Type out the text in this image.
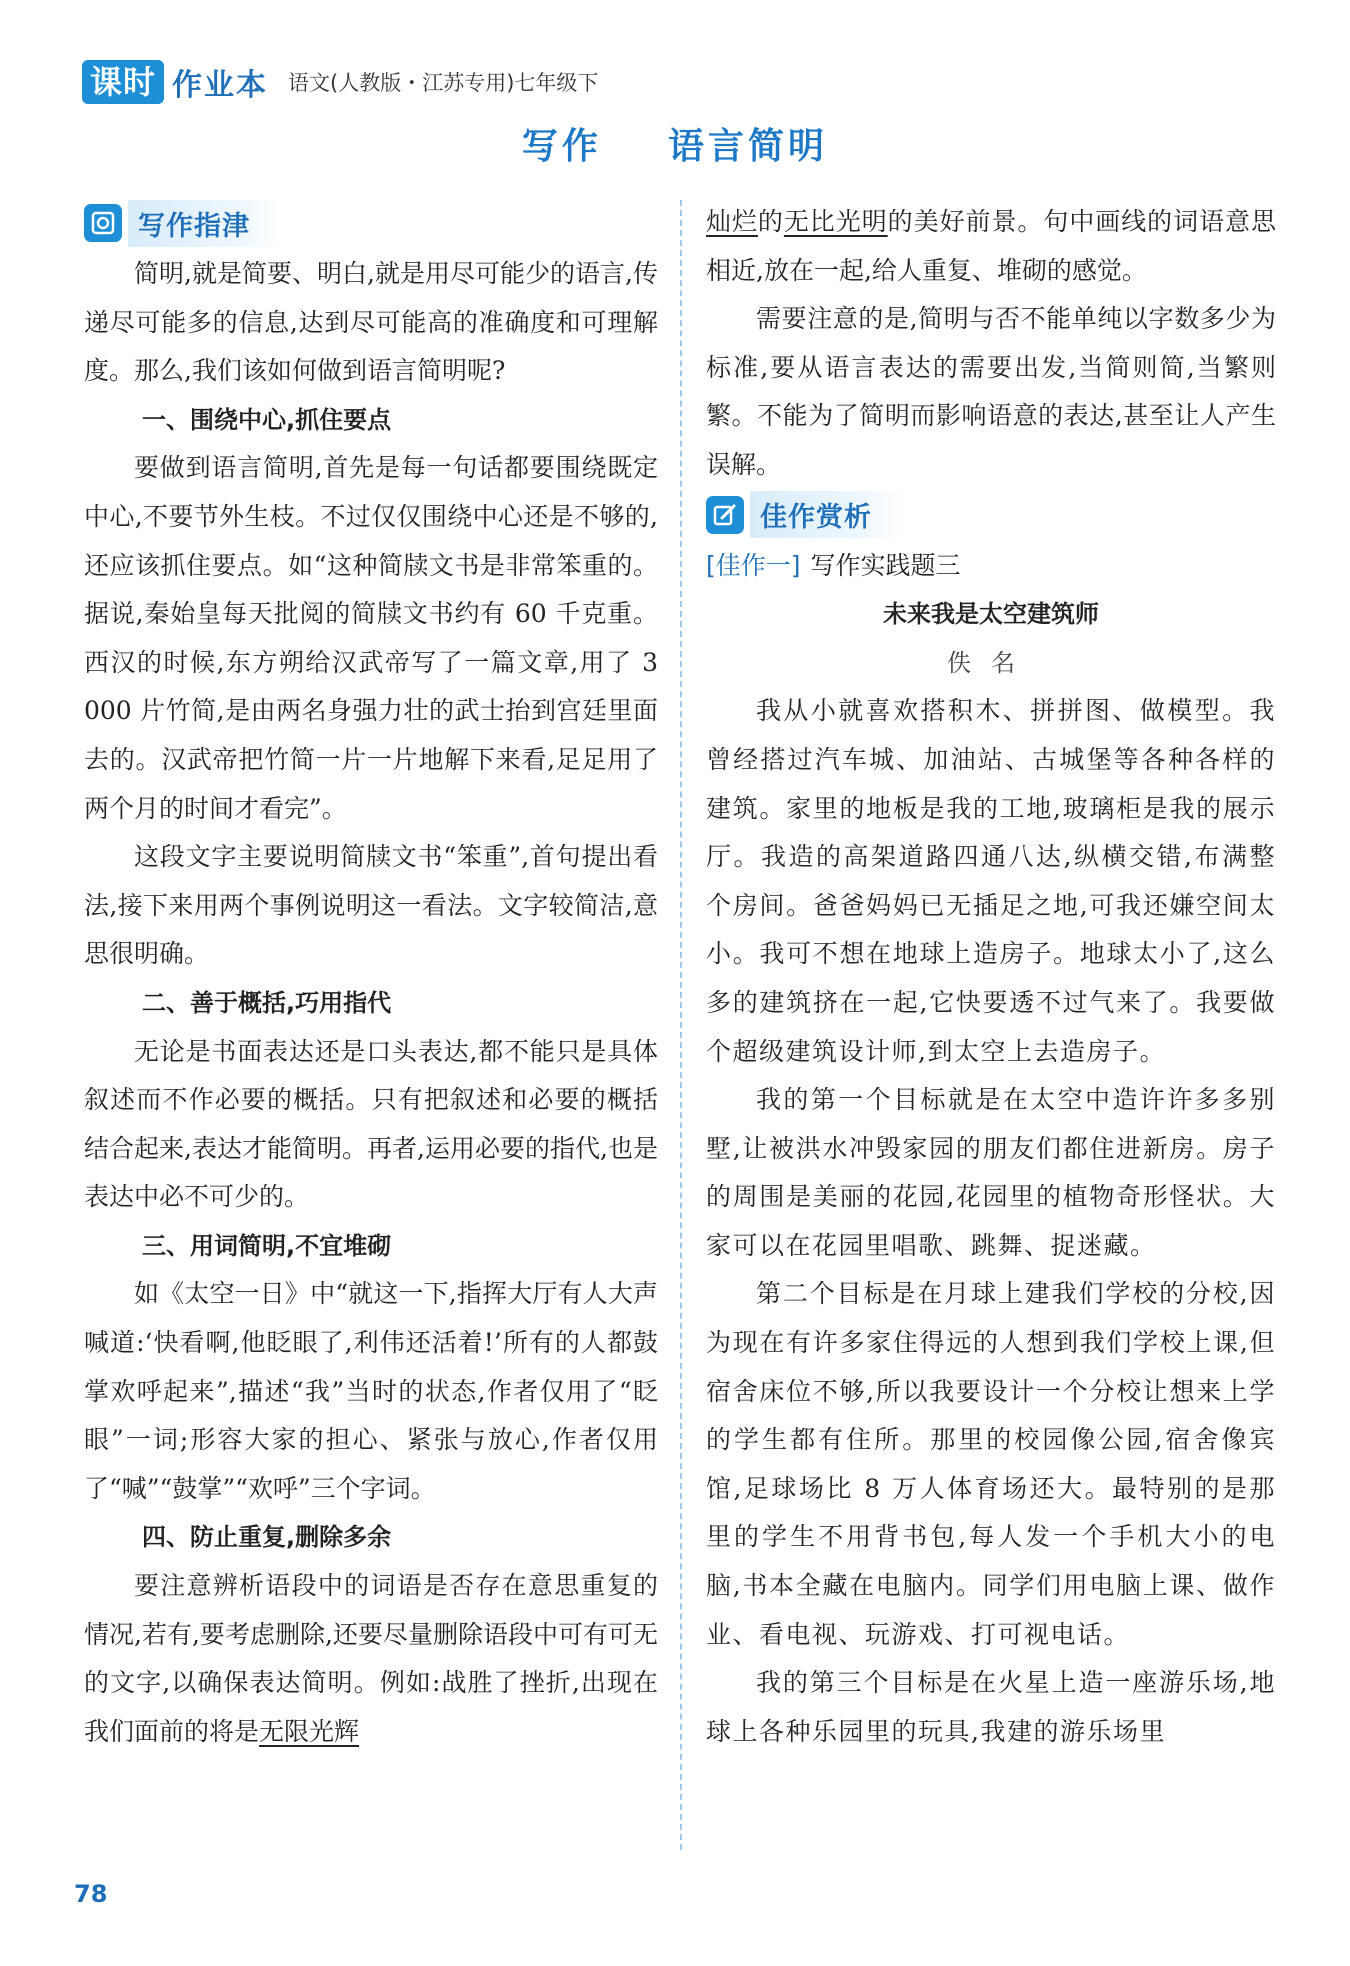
课时 作业本 语文(人教版・江苏专用)七年级下
写作    语言简明
写作指津

简明,就是简要、明白,就是用尽可能少的语言,传递尽可能多的信息,达到尽可能高的准确度和可理解度。那么,我们该如何做到语言简明呢?

一、围绕中心,抓住要点

要做到语言简明,首先是每一句话都要围绕既定中心,不要节外生枝。不过仅仅围绕中心还是不够的,还应该抓住要点。如“这种简牍文书是非常笨重的。据说,秦始皇每天批阅的简牍文书约有 60 千克重。西汉的时候,东方朔给汉武帝写了一篇文章,用了 3 000 片竹简,是由两名身强力壮的武士抬到宫廷里面去的。汉武帝把竹简一片一片地解下来看,足足用了两个月的时间才看完”。

这段文字主要说明简牍文书“笨重”,首句提出看法,接下来用两个事例说明这一看法。文字较简洁,意思很明确。

二、善于概括,巧用指代

无论是书面表达还是口头表达,都不能只是具体叙述而不作必要的概括。只有把叙述和必要的概括结合起来,表达才能简明。再者,运用必要的指代,也是表达中必不可少的。

三、用词简明,不宜堆砌

如《太空一日》中“就这一下,指挥大厅有人大声喊道:‘快看啊,他眨眼了,利伟还活着!’所有的人都鼓掌欢呼起来”,描述“我”当时的状态,作者仅用了“眨眼”一词;形容大家的担心、紧张与放心,作者仅用了“喊”“鼓掌”“欢呼”三个字词。

四、防止重复,删除多余

要注意辨析语段中的词语是否存在意思重复的情况,若有,要考虑删除,还要尽量删除语段中可有可无的文字,以确保表达简明。例如:战胜了挫折,出现在我们面前的将是无限光辉

灿烂的无比光明的美好前景。句中画线的词语意思相近,放在一起,给人重复、堆砌的感觉。

需要注意的是,简明与否不能单纯以字数多少为标准,要从语言表达的需要出发,当简则简,当繁则繁。不能为了简明而影响语意的表达,甚至让人产生误解。

佳作赏析
[佳作一] 写作实践题三
未来我是太空建筑师
佚名

我从小就喜欢搭积木、拼拼图、做模型。我曾经搭过汽车城、加油站、古城堡等各种各样的建筑。家里的地板是我的工地,玻璃柜是我的展示厅。我造的高架道路四通八达,纵横交错,布满整个房间。爸爸妈妈已无插足之地,可我还嫌空间太小。我可不想在地球上造房子。地球太小了,这么多的建筑挤在一起,它快要透不过气来了。我要做个超级建筑设计师,到太空上去造房子。

我的第一个目标就是在太空中造许许多多别墅,让被洪水冲毁家园的朋友们都住进新房。房子的周围是美丽的花园,花园里的植物奇形怪状。大家可以在花园里唱歌、跳舞、捉迷藏。

第二个目标是在月球上建我们学校的分校,因为现在有许多家住得远的人想到我们学校上课,但宿舍床位不够,所以我要设计一个分校让想来上学的学生都有住所。那里的校园像公园,宿舍像宾馆,足球场比 8 万人体育场还大。最特别的是那里的学生不用背书包,每人发一个手机大小的电脑,书本全藏在电脑内。同学们用电脑上课、做作业、看电视、玩游戏、打可视电话。

我的第三个目标是在火星上造一座游乐场,地球上各种乐园里的玩具,我建的游乐场里

78
